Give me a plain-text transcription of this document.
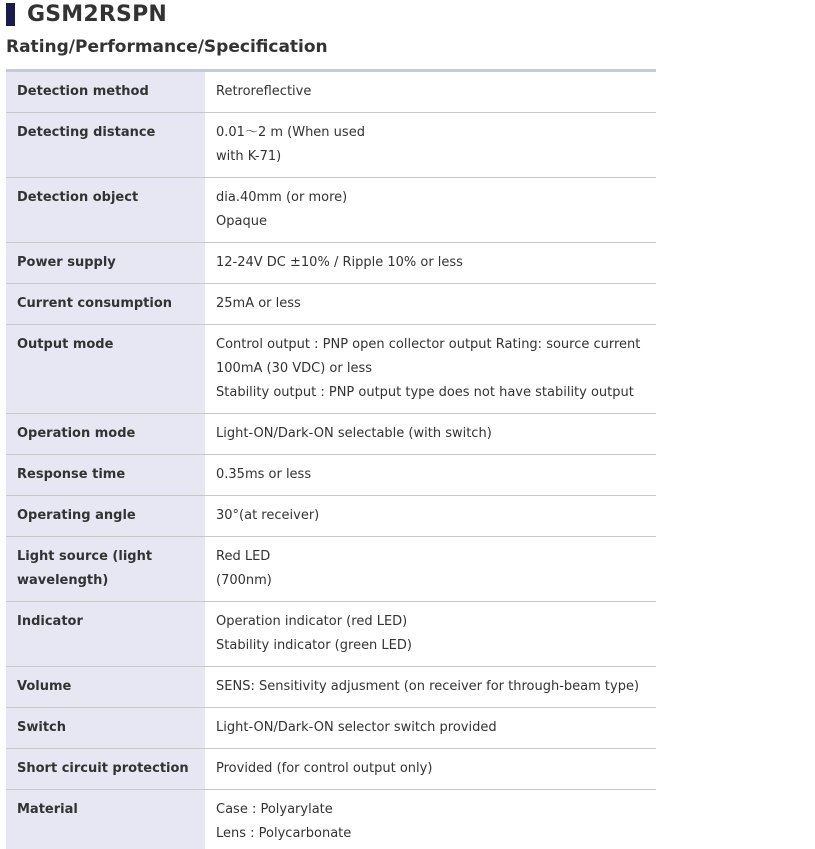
GSM2RSPN
Rating/Performance/Specification
Detection method	Retroreflective

Detecting distance	0.01～2 m (When used
with K-71)

Detection object	dia.40mm (or more)
Opaque

Power supply	12-24V DC ±10% / Ripple 10% or less

Current consumption	25mA or less

Output mode	Control output : PNP open collector output Rating: source current 100mA (30 VDC) or less
Stability output : PNP output type does not have stability output

Operation mode	Light-ON/Dark-ON selectable (with switch)

Response time	0.35ms or less

Operating angle	30°(at receiver)

Light source (light wavelength)	Red LED
(700nm)

Indicator	Operation indicator (red LED)
Stability indicator (green LED)

Volume	SENS: Sensitivity adjusment (on receiver for through-beam type)

Switch	Light-ON/Dark-ON selector switch provided

Short circuit protection	Provided (for control output only)

Material	Case : Polyarylate
Lens : Polycarbonate
